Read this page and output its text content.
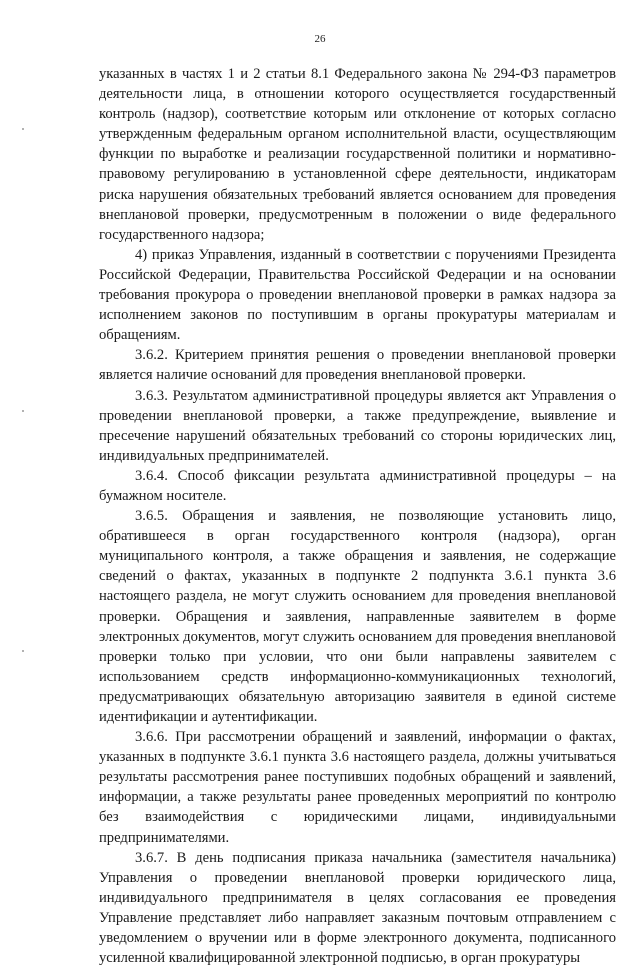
26

указанных в частях 1 и 2 статьи 8.1 Федерального закона № 294-ФЗ параметров деятельности лица, в отношении которого осуществляется государственный контроль (надзор), соответствие которым или отклонение от которых согласно утвержденным федеральным органом исполнительной власти, осуществляющим функции по выработке и реализации государственной политики и нормативно-правовому регулированию в установленной сфере деятельности, индикаторам риска нарушения обязательных требований является основанием для проведения внеплановой проверки, предусмотренным в положении о виде федерального государственного надзора;

4) приказ Управления, изданный в соответствии с поручениями Президента Российской Федерации, Правительства Российской Федерации и на основании требования прокурора о проведении внеплановой проверки в рамках надзора за исполнением законов по поступившим в органы прокуратуры материалам и обращениям.

3.6.2. Критерием принятия решения о проведении внеплановой проверки является наличие оснований для проведения внеплановой проверки.

3.6.3. Результатом административной процедуры является акт Управления о проведении внеплановой проверки, а также предупреждение, выявление и пресечение нарушений обязательных требований со стороны юридических лиц, индивидуальных предпринимателей.

3.6.4. Способ фиксации результата административной процедуры – на бумажном носителе.

3.6.5. Обращения и заявления, не позволяющие установить лицо, обратившееся в орган государственного контроля (надзора), орган муниципального контроля, а также обращения и заявления, не содержащие сведений о фактах, указанных в подпункте 2 подпункта 3.6.1 пункта 3.6 настоящего раздела, не могут служить основанием для проведения внеплановой проверки. Обращения и заявления, направленные заявителем в форме электронных документов, могут служить основанием для проведения внеплановой проверки только при условии, что они были направлены заявителем с использованием средств информационно-коммуникационных технологий, предусматривающих обязательную авторизацию заявителя в единой системе идентификации и аутентификации.

3.6.6. При рассмотрении обращений и заявлений, информации о фактах, указанных в подпункте 3.6.1 пункта 3.6 настоящего раздела, должны учитываться результаты рассмотрения ранее поступивших подобных обращений и заявлений, информации, а также результаты ранее проведенных мероприятий по контролю без взаимодействия с юридическими лицами, индивидуальными предпринимателями.

3.6.7. В день подписания приказа начальника (заместителя начальника) Управления о проведении внеплановой проверки юридического лица, индивидуального предпринимателя в целях согласования ее проведения Управление представляет либо направляет заказным почтовым отправлением с уведомлением о вручении или в форме электронного документа, подписанного усиленной квалифицированной электронной подписью, в орган прокуратуры
